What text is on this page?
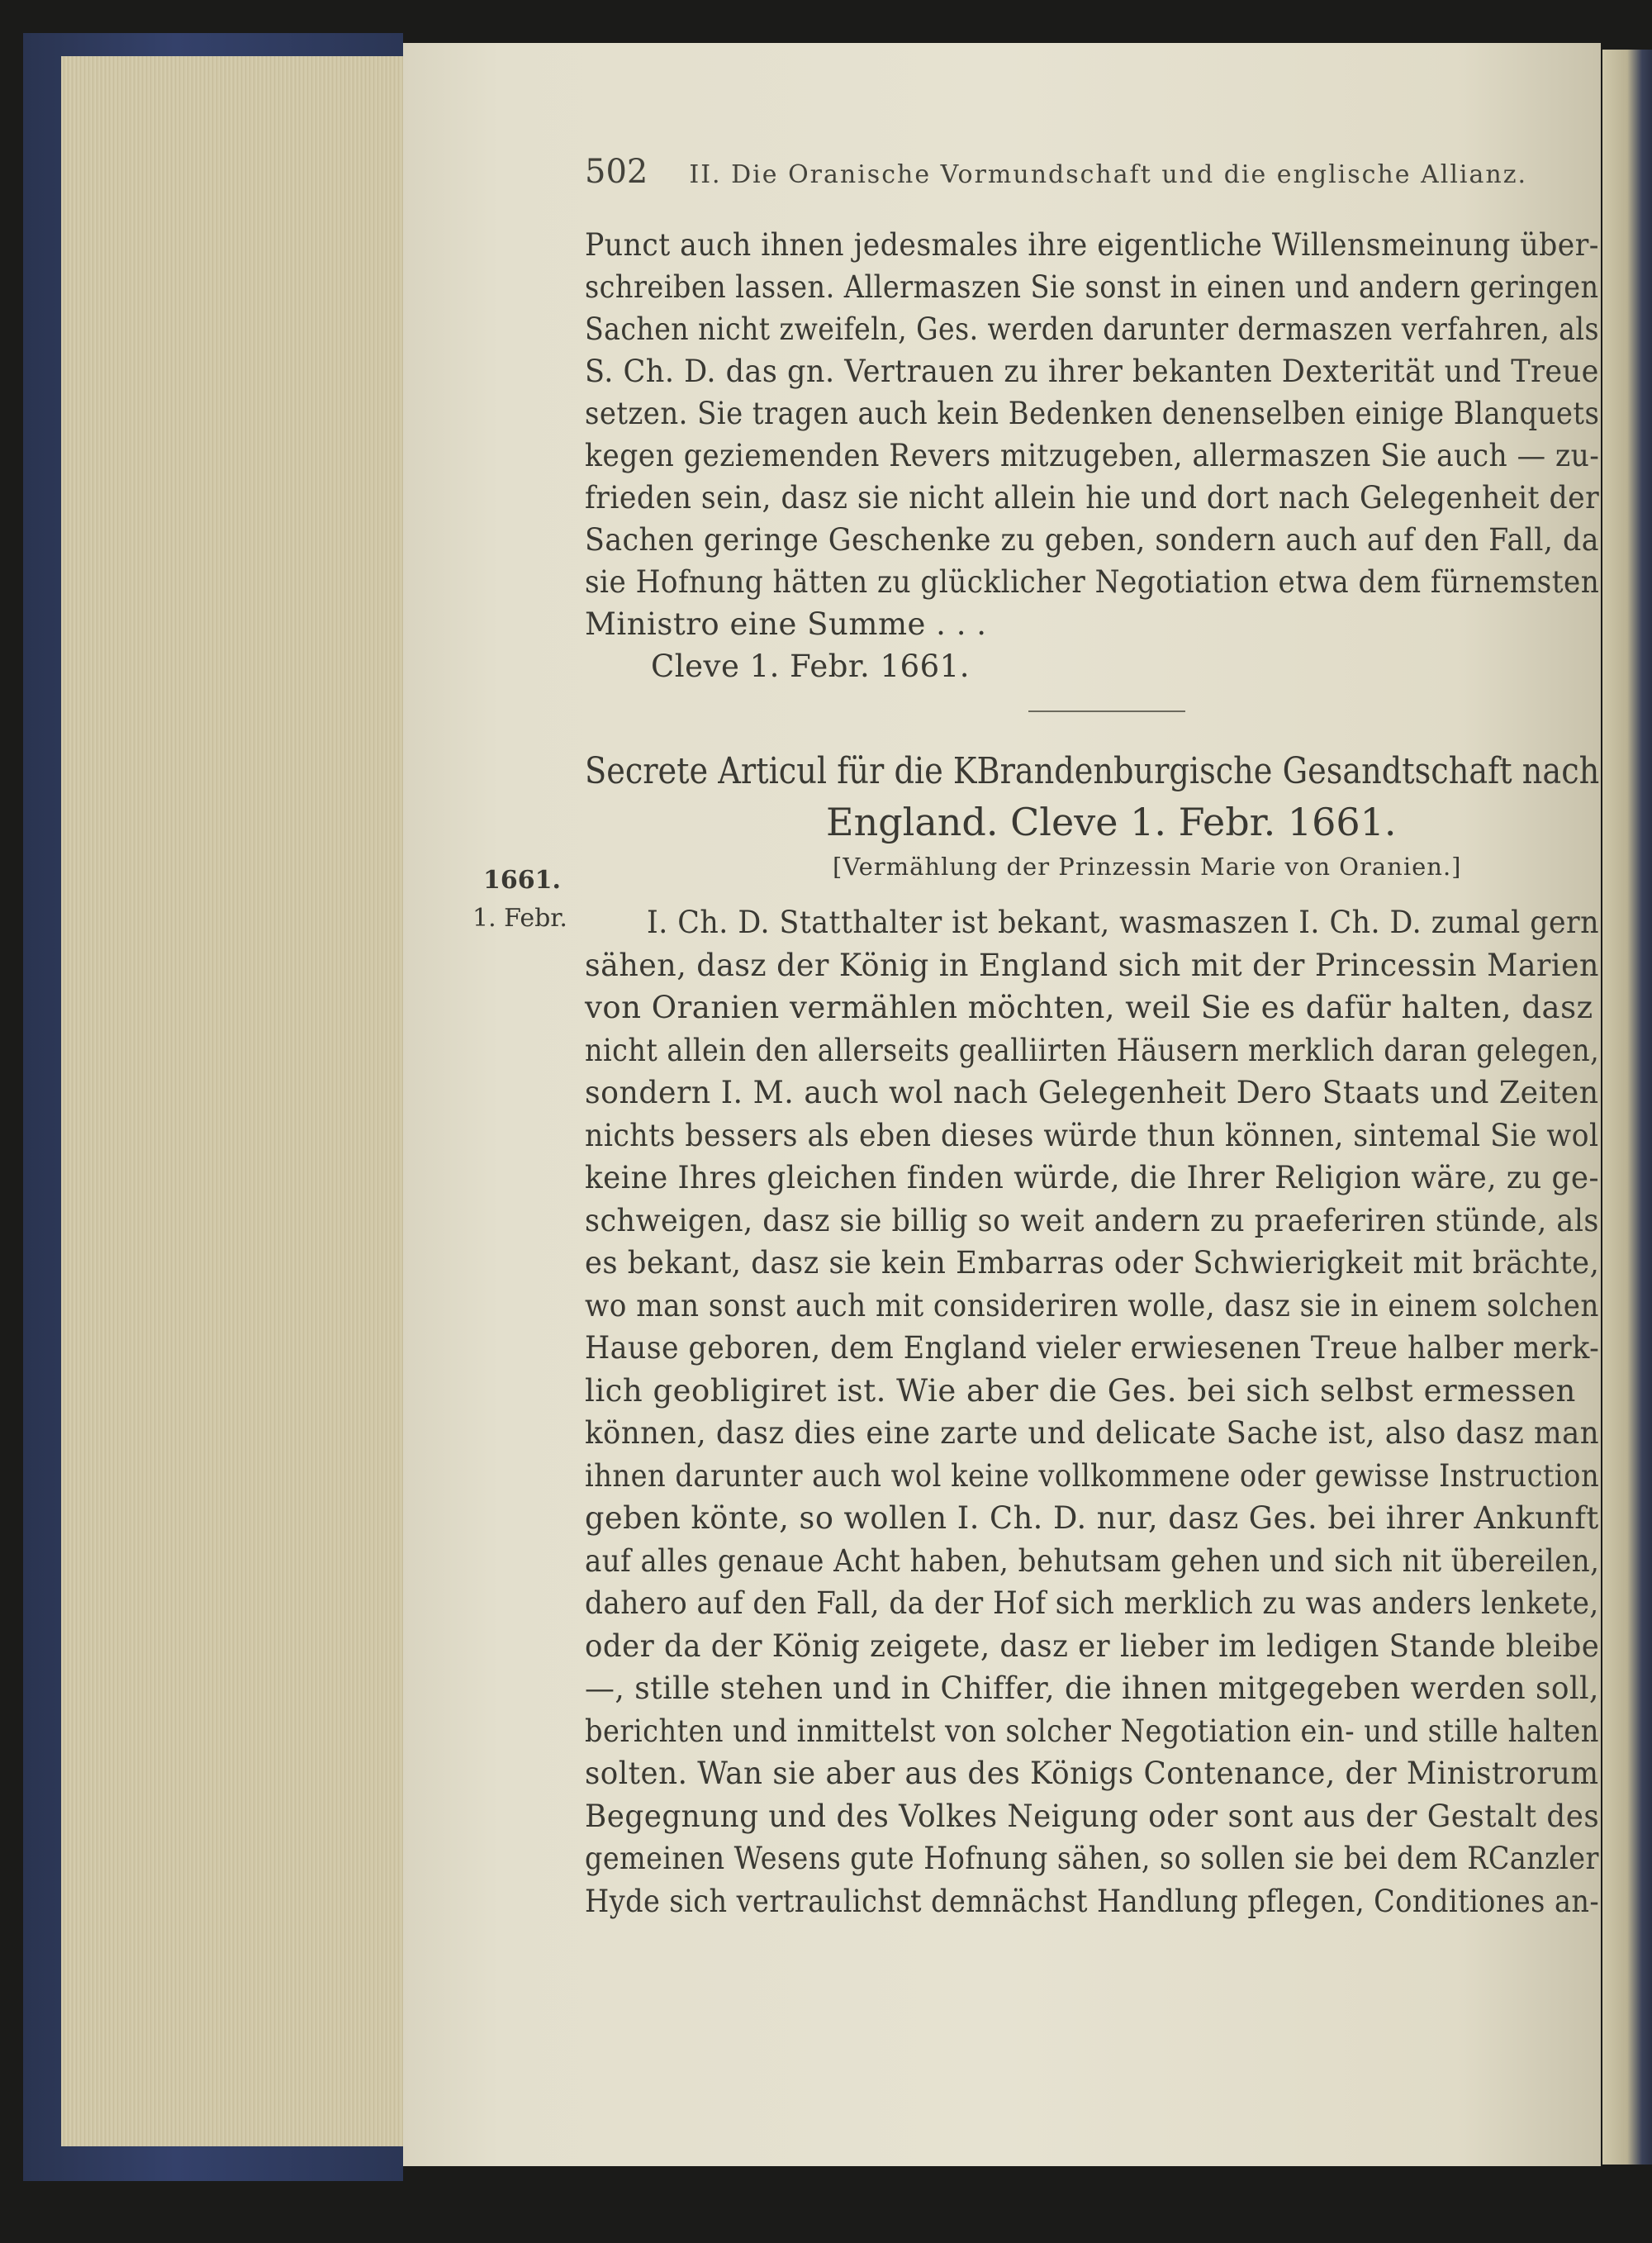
502 II. Die Oranische Vormundschaft und die englische Allianz.
Punct auch ihnen jedesmales ihre eigentliche Willensmeinung über-
schreiben lassen. Allermaszen Sie sonst in einen und andern geringen
Sachen nicht zweifeln, Ges. werden darunter dermaszen verfahren, als
S. Ch. D. das gn. Vertrauen zu ihrer bekanten Dexterität und Treue
setzen. Sie tragen auch kein Bedenken denenselben einige Blanquets
kegen geziemenden Revers mitzugeben, allermaszen Sie auch — zu-
frieden sein, dasz sie nicht allein hie und dort nach Gelegenheit der
Sachen geringe Geschenke zu geben, sondern auch auf den Fall, da
sie Hofnung hätten zu glücklicher Negotiation etwa dem fürnemsten
Ministro eine Summe . . .
Cleve 1. Febr. 1661.
Secrete Articul für die KBrandenburgische Gesandtschaft nach
England. Cleve 1. Febr. 1661.
[Vermählung der Prinzessin Marie von Oranien.]
1661.
1. Febr.	I. Ch. D. Statthalter ist bekant, wasmaszen I. Ch. D. zumal gern
sähen, dasz der König in England sich mit der Princessin Marien
von Oranien vermählen möchten, weil Sie es dafür halten, dasz
nicht allein den allerseits gealliirten Häusern merklich daran gelegen,
sondern I. M. auch wol nach Gelegenheit Dero Staats und Zeiten
nichts bessers als eben dieses würde thun können, sintemal Sie wol
keine Ihres gleichen finden würde, die Ihrer Religion wäre, zu ge-
schweigen, dasz sie billig so weit andern zu praeferiren stünde, als
es bekant, dasz sie kein Embarras oder Schwierigkeit mit brächte,
wo man sonst auch mit consideriren wolle, dasz sie in einem solchen
Hause geboren, dem England vieler erwiesenen Treue halber merk-
lich geobligiret ist. Wie aber die Ges. bei sich selbst ermessen
können, dasz dies eine zarte und delicate Sache ist, also dasz man
ihnen darunter auch wol keine vollkommene oder gewisse Instruction
geben könte, so wollen I. Ch. D. nur, dasz Ges. bei ihrer Ankunft
auf alles genaue Acht haben, behutsam gehen und sich nit übereilen,
dahero auf den Fall, da der Hof sich merklich zu was anders lenkete,
oder da der König zeigete, dasz er lieber im ledigen Stande bleibe
—, stille stehen und in Chiffer, die ihnen mitgegeben werden soll,
berichten und inmittelst von solcher Negotiation ein- und stille halten
solten. Wan sie aber aus des Königs Contenance, der Ministrorum
Begegnung und des Volkes Neigung oder sont aus der Gestalt des
gemeinen Wesens gute Hofnung sähen, so sollen sie bei dem RCanzler
Hyde sich vertraulichst demnächst Handlung pflegen, Conditiones an-
